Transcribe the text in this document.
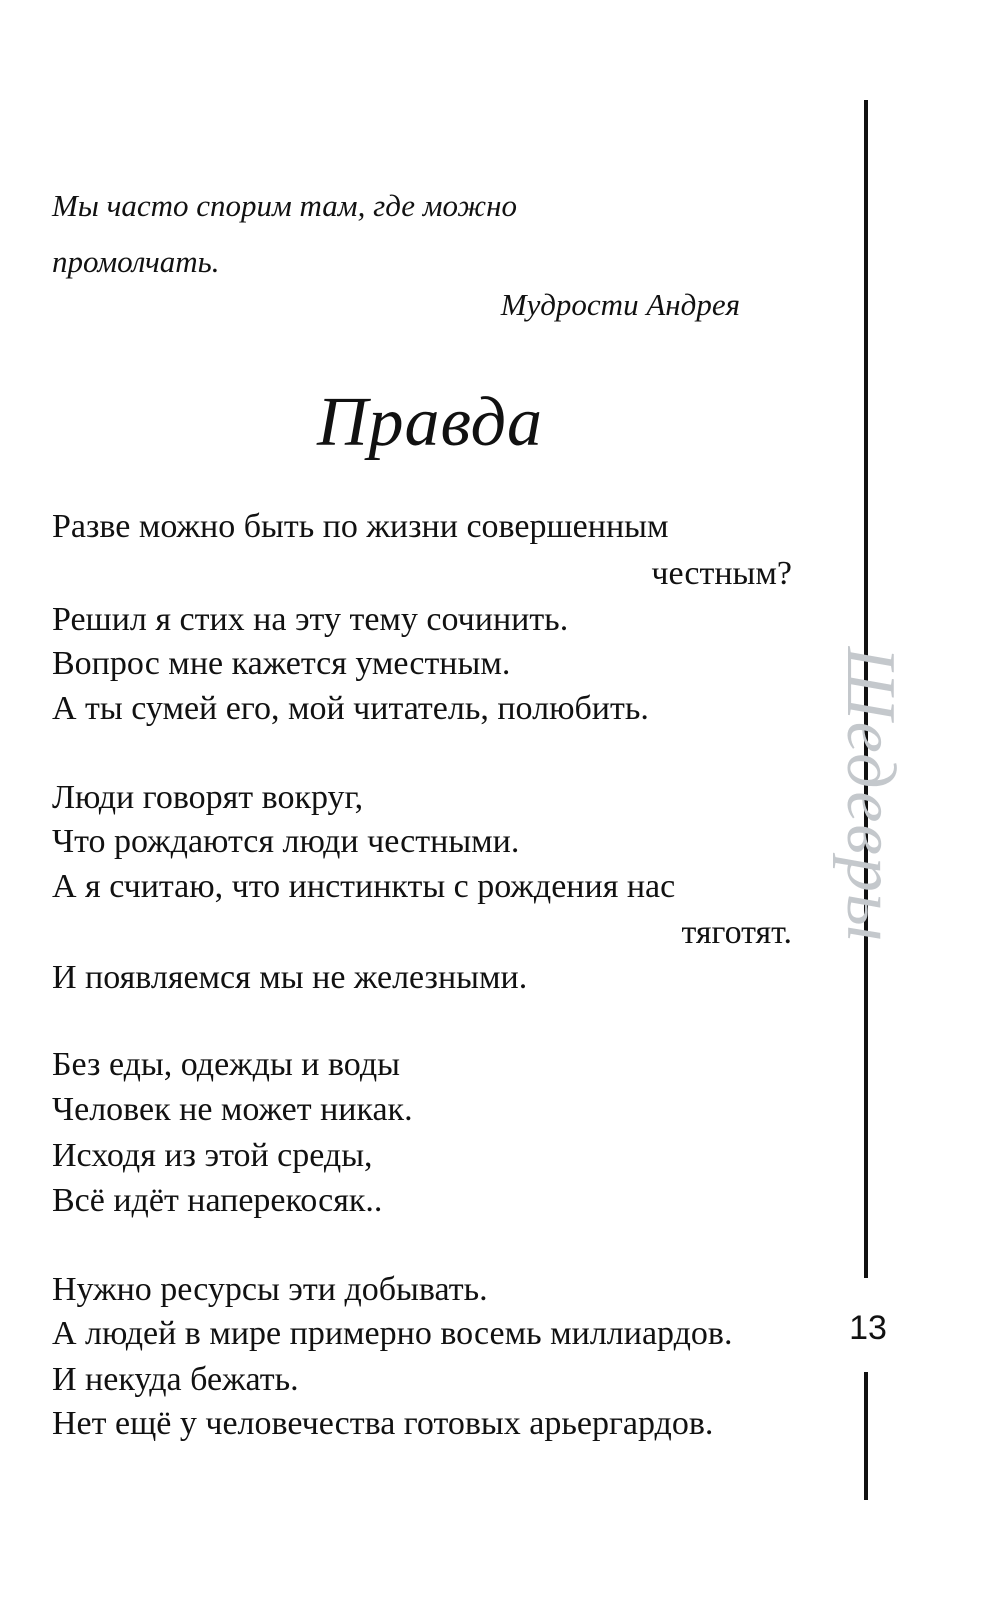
Мы часто спорим там, где можно
промолчать.
Мудрости Андрея
Правда
Разве можно быть по жизни совершенным
честным?
Решил я стих на эту тему сочинить.
Вопрос мне кажется уместным.
А ты сумей его, мой читатель, полюбить.
Люди говорят вокруг,
Что рождаются люди честными.
А я считаю, что инстинкты с рождения нас
тяготят.
И появляемся мы не железными.
Без еды, одежды и воды
Человек не может никак.
Исходя из этой среды,
Всё идёт наперекосяк..
Нужно ресурсы эти добывать.
А людей в мире примерно восемь миллиардов.
И некуда бежать.
Нет ещё у человечества готовых арьергардов.
Шедевры
13
